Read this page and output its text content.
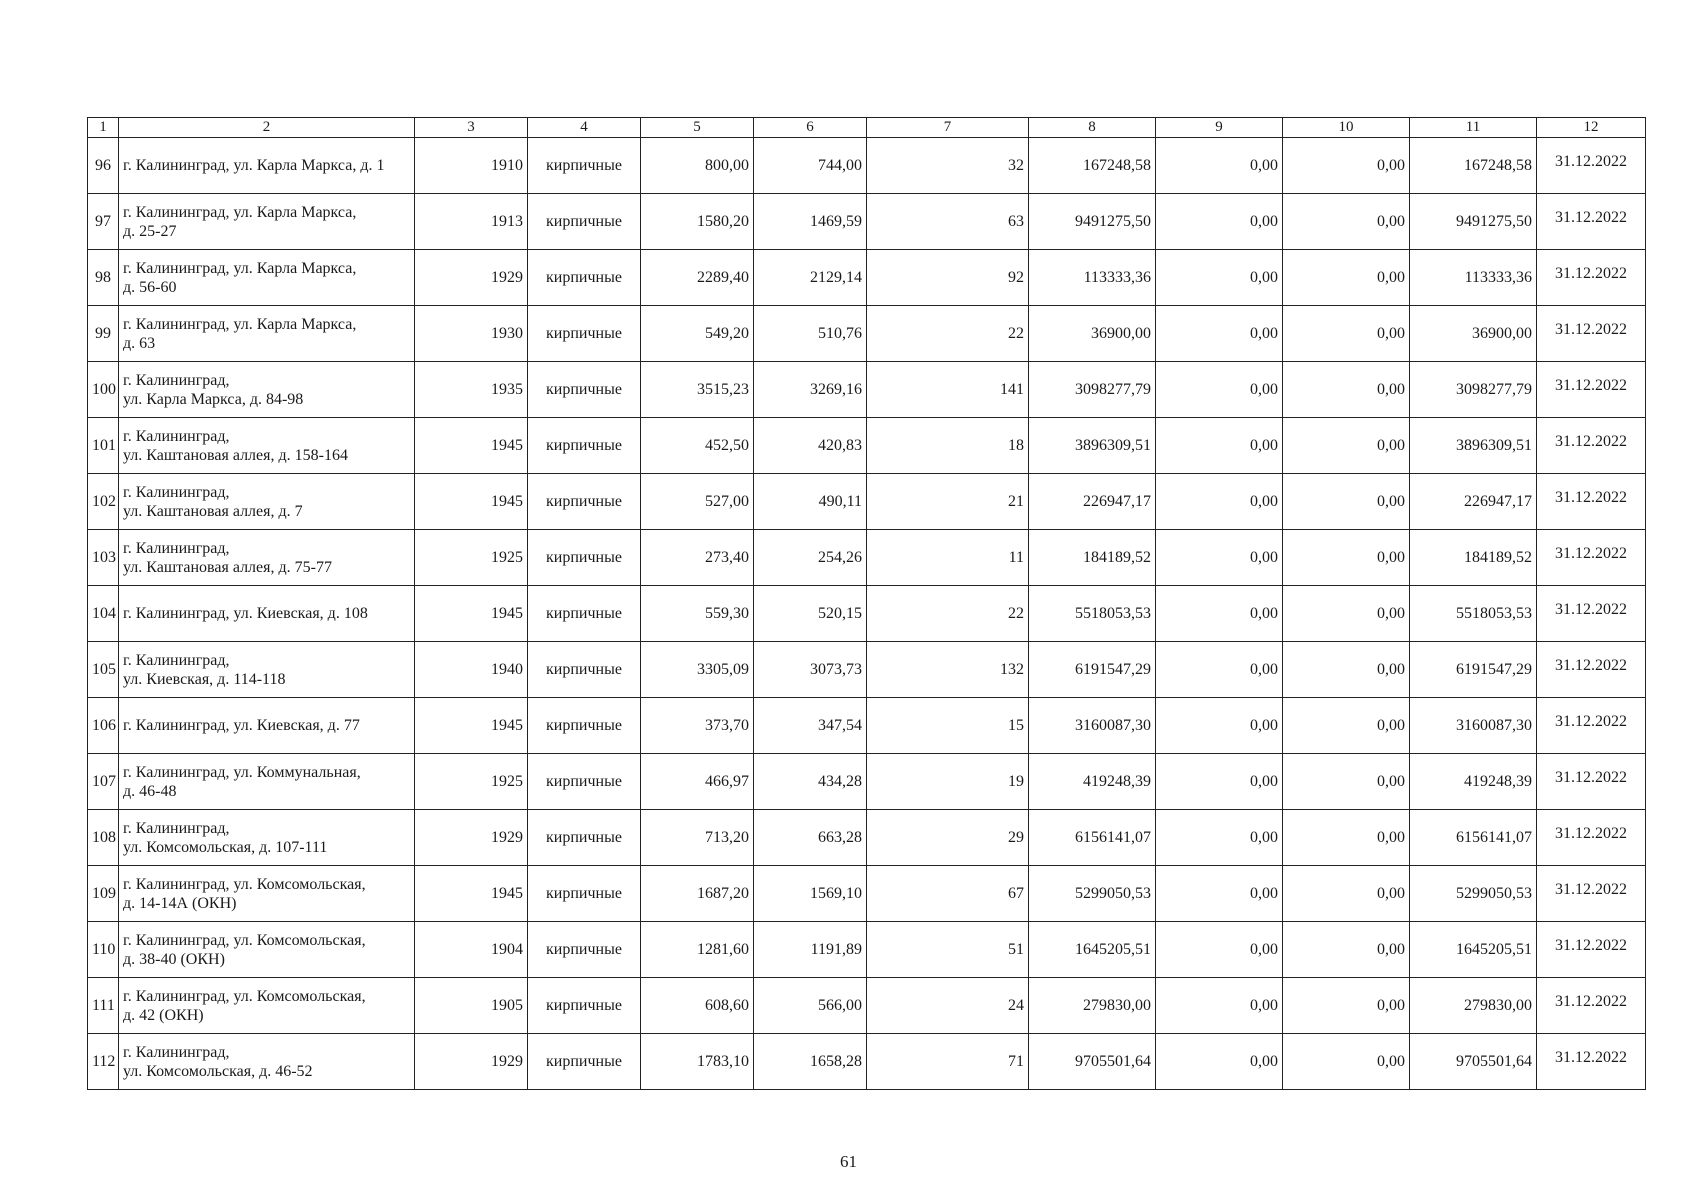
1	2	3	4	5	6	7	8	9	10	11	12
96	г. Калининград, ул. Карла Маркса, д. 1	1910	кирпичные	800,00	744,00	32	167248,58	0,00	0,00	167248,58	31.12.2022
97	г. Калининград, ул. Карла Маркса,
д. 25-27	1913	кирпичные	1580,20	1469,59	63	9491275,50	0,00	0,00	9491275,50	31.12.2022
98	г. Калининград, ул. Карла Маркса,
д. 56-60	1929	кирпичные	2289,40	2129,14	92	113333,36	0,00	0,00	113333,36	31.12.2022
99	г. Калининград, ул. Карла Маркса,
д. 63	1930	кирпичные	549,20	510,76	22	36900,00	0,00	0,00	36900,00	31.12.2022
100	г. Калининград,
ул. Карла Маркса, д. 84-98	1935	кирпичные	3515,23	3269,16	141	3098277,79	0,00	0,00	3098277,79	31.12.2022
101	г. Калининград,
ул. Каштановая аллея, д. 158-164	1945	кирпичные	452,50	420,83	18	3896309,51	0,00	0,00	3896309,51	31.12.2022
102	г. Калининград,
ул. Каштановая аллея, д. 7	1945	кирпичные	527,00	490,11	21	226947,17	0,00	0,00	226947,17	31.12.2022
103	г. Калининград,
ул. Каштановая аллея, д. 75-77	1925	кирпичные	273,40	254,26	11	184189,52	0,00	0,00	184189,52	31.12.2022
104	г. Калининград, ул. Киевская, д. 108	1945	кирпичные	559,30	520,15	22	5518053,53	0,00	0,00	5518053,53	31.12.2022
105	г. Калининград,
ул. Киевская, д. 114-118	1940	кирпичные	3305,09	3073,73	132	6191547,29	0,00	0,00	6191547,29	31.12.2022
106	г. Калининград, ул. Киевская, д. 77	1945	кирпичные	373,70	347,54	15	3160087,30	0,00	0,00	3160087,30	31.12.2022
107	г. Калининград, ул. Коммунальная,
д. 46-48	1925	кирпичные	466,97	434,28	19	419248,39	0,00	0,00	419248,39	31.12.2022
108	г. Калининград,
ул. Комсомольская, д. 107-111	1929	кирпичные	713,20	663,28	29	6156141,07	0,00	0,00	6156141,07	31.12.2022
109	г. Калининград, ул. Комсомольская,
д. 14-14А (ОКН)	1945	кирпичные	1687,20	1569,10	67	5299050,53	0,00	0,00	5299050,53	31.12.2022
110	г. Калининград, ул. Комсомольская,
д. 38-40 (ОКН)	1904	кирпичные	1281,60	1191,89	51	1645205,51	0,00	0,00	1645205,51	31.12.2022
111	г. Калининград, ул. Комсомольская,
д. 42 (ОКН)	1905	кирпичные	608,60	566,00	24	279830,00	0,00	0,00	279830,00	31.12.2022
112	г. Калининград,
ул. Комсомольская, д. 46-52	1929	кирпичные	1783,10	1658,28	71	9705501,64	0,00	0,00	9705501,64	31.12.2022
61
